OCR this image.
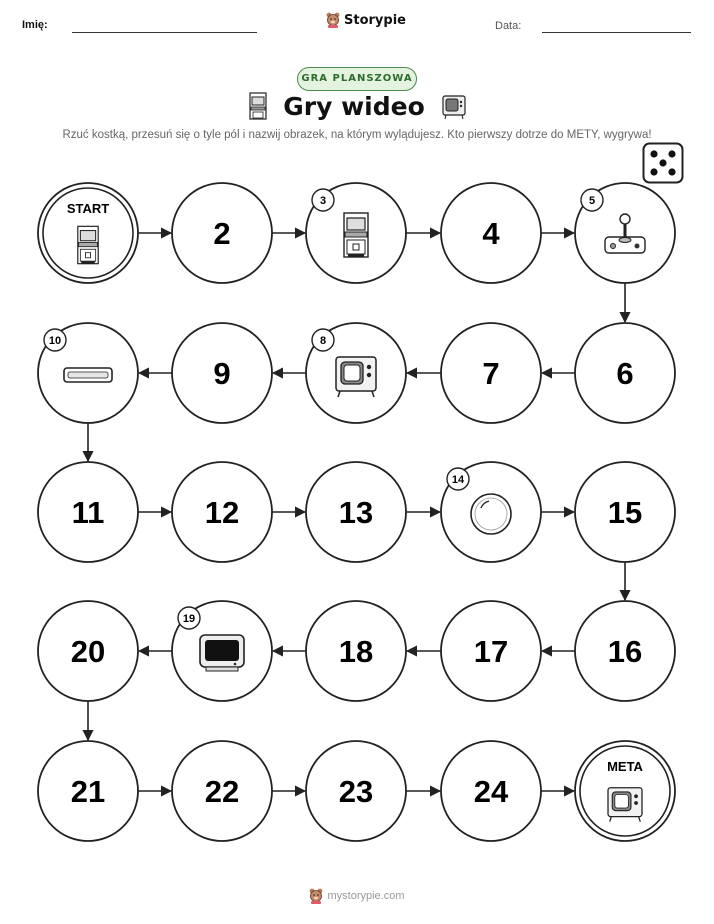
Imię:	Storypie	Data:
GRA PLANSZOWA
Gry wideo
Rzuć kostką, przesuń się o tyle pól i nazwij obrazek, na którym wylądujesz. Kto pierwszy dotrze do METY, wygrywa!
START
2
3
4
5
6
7
8
9
10
11	12	13
14
15
16
17
18
19
20
21	22	23	24
META
mystorypie.com
